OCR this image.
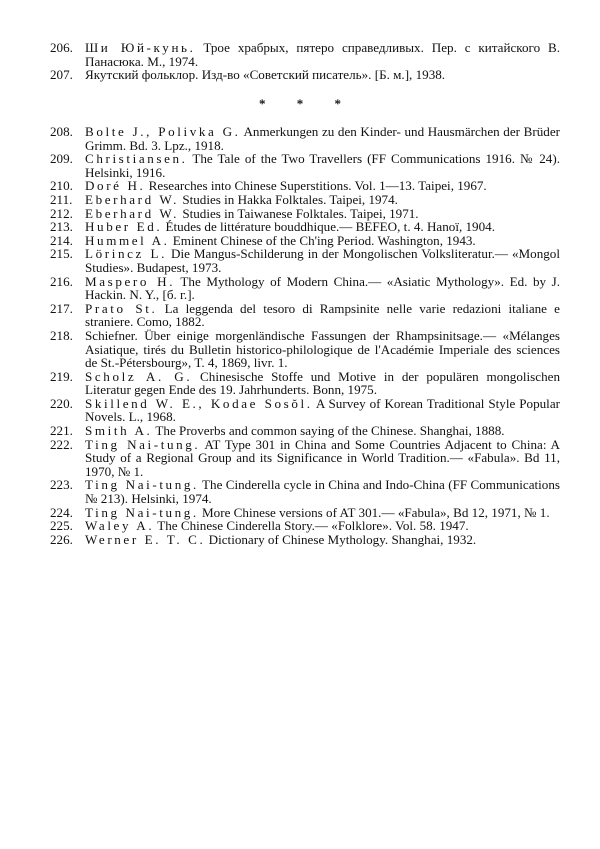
206. Ши Юй-кунь. Трое храбрых, пятеро справедливых. Пер. с китайского В. Панасюка. М., 1974.
207. Якутский фольклор. Изд-во «Советский писатель». [Б. м.], 1938.
* * *
208. Bolte J., Polivka G. Anmerkungen zu den Kinder- und Hausmärchen der Brüder Grimm. Bd. 3. Lpz., 1918.
209. Christiansen. The Tale of the Two Travellers (FF Communications 1916. № 24). Helsinki, 1916.
210. Doré H. Researches into Chinese Superstitions. Vol. 1—13. Taipei, 1967.
211. Eberhard W. Studies in Hakka Folktales. Taipei, 1974.
212. Eberhard W. Studies in Taiwanese Folktales. Taipei, 1971.
213. Huber Ed. Études de littérature bouddhique.— BEFEO, t. 4. Hanoï, 1904.
214. Hummel A. Eminent Chinese of the Ch'ing Period. Washington, 1943.
215. Lörincz L. Die Mangus-Schilderung in der Mongolischen Volksliteratur.— «Mongol Studies». Budapest, 1973.
216. Maspero H. The Mythology of Modern China.— «Asiatic Mythology». Ed. by J. Hackin. N. Y., [б. г.].
217. Prato St. La leggenda del tesoro di Rampsinite nelle varie redazioni italiane e straniere. Como, 1882.
218. Schiefner. Über einige morgenländische Fassungen der Rhampsinitsage.— «Mélanges Asiatique, tirés du Bulletin historico-philologique de l'Académie Imperiale des sciences de St.-Pétersbourg», T. 4, 1869, livr. 1.
219. Scholz A. G. Chinesische Stoffe und Motive in der populären mongolischen Literatur gegen Ende des 19. Jahrhunderts. Bonn, 1975.
220. Skillend W. E., Kodae Sosŏl. A Survey of Korean Traditional Style Popular Novels. L., 1968.
221. Smith A. The Proverbs and common saying of the Chinese. Shanghai, 1888.
222. Ting Nai-tung. AT Type 301 in China and Some Countries Adjacent to China: A Study of a Regional Group and its Significance in World Tradition.— «Fabula». Bd 11, 1970, № 1.
223. Ting Nai-tung. The Cinderella cycle in China and Indo-China (FF Communications № 213). Helsinki, 1974.
224. Ting Nai-tung. More Chinese versions of AT 301.— «Fabula», Bd 12, 1971, № 1.
225. Waley A. The Chinese Cinderella Story.— «Folklore». Vol. 58. 1947.
226. Werner E. T. C. Dictionary of Chinese Mythology. Shanghai, 1932.
